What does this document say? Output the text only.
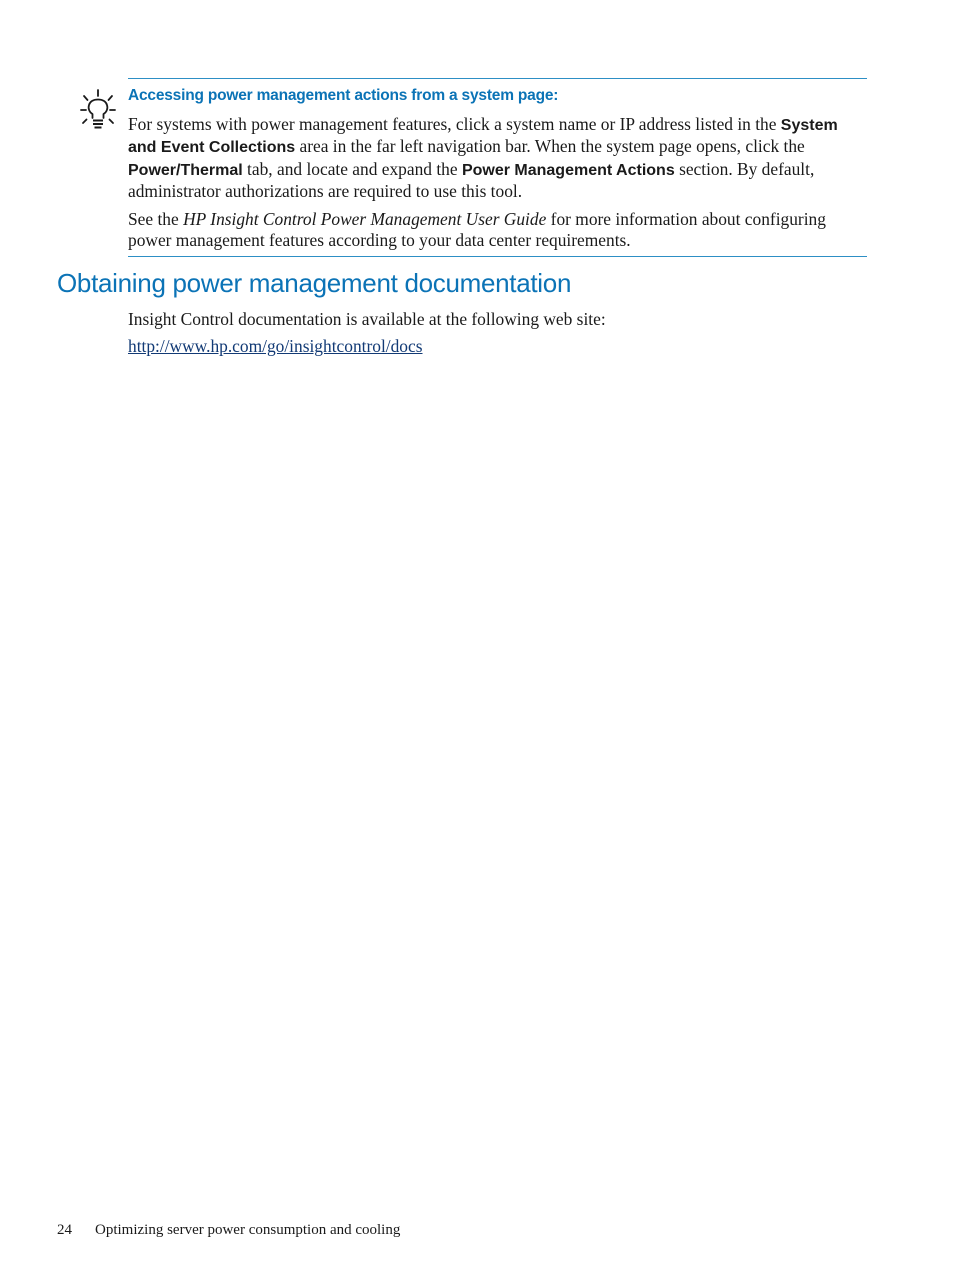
Accessing power management actions from a system page:

For systems with power management features, click a system name or IP address listed in the System and Event Collections area in the far left navigation bar. When the system page opens, click the Power/Thermal tab, and locate and expand the Power Management Actions section. By default, administrator authorizations are required to use this tool.

See the HP Insight Control Power Management User Guide for more information about configuring power management features according to your data center requirements.

Obtaining power management documentation

Insight Control documentation is available at the following web site:

http://www.hp.com/go/insightcontrol/docs

24 Optimizing server power consumption and cooling
